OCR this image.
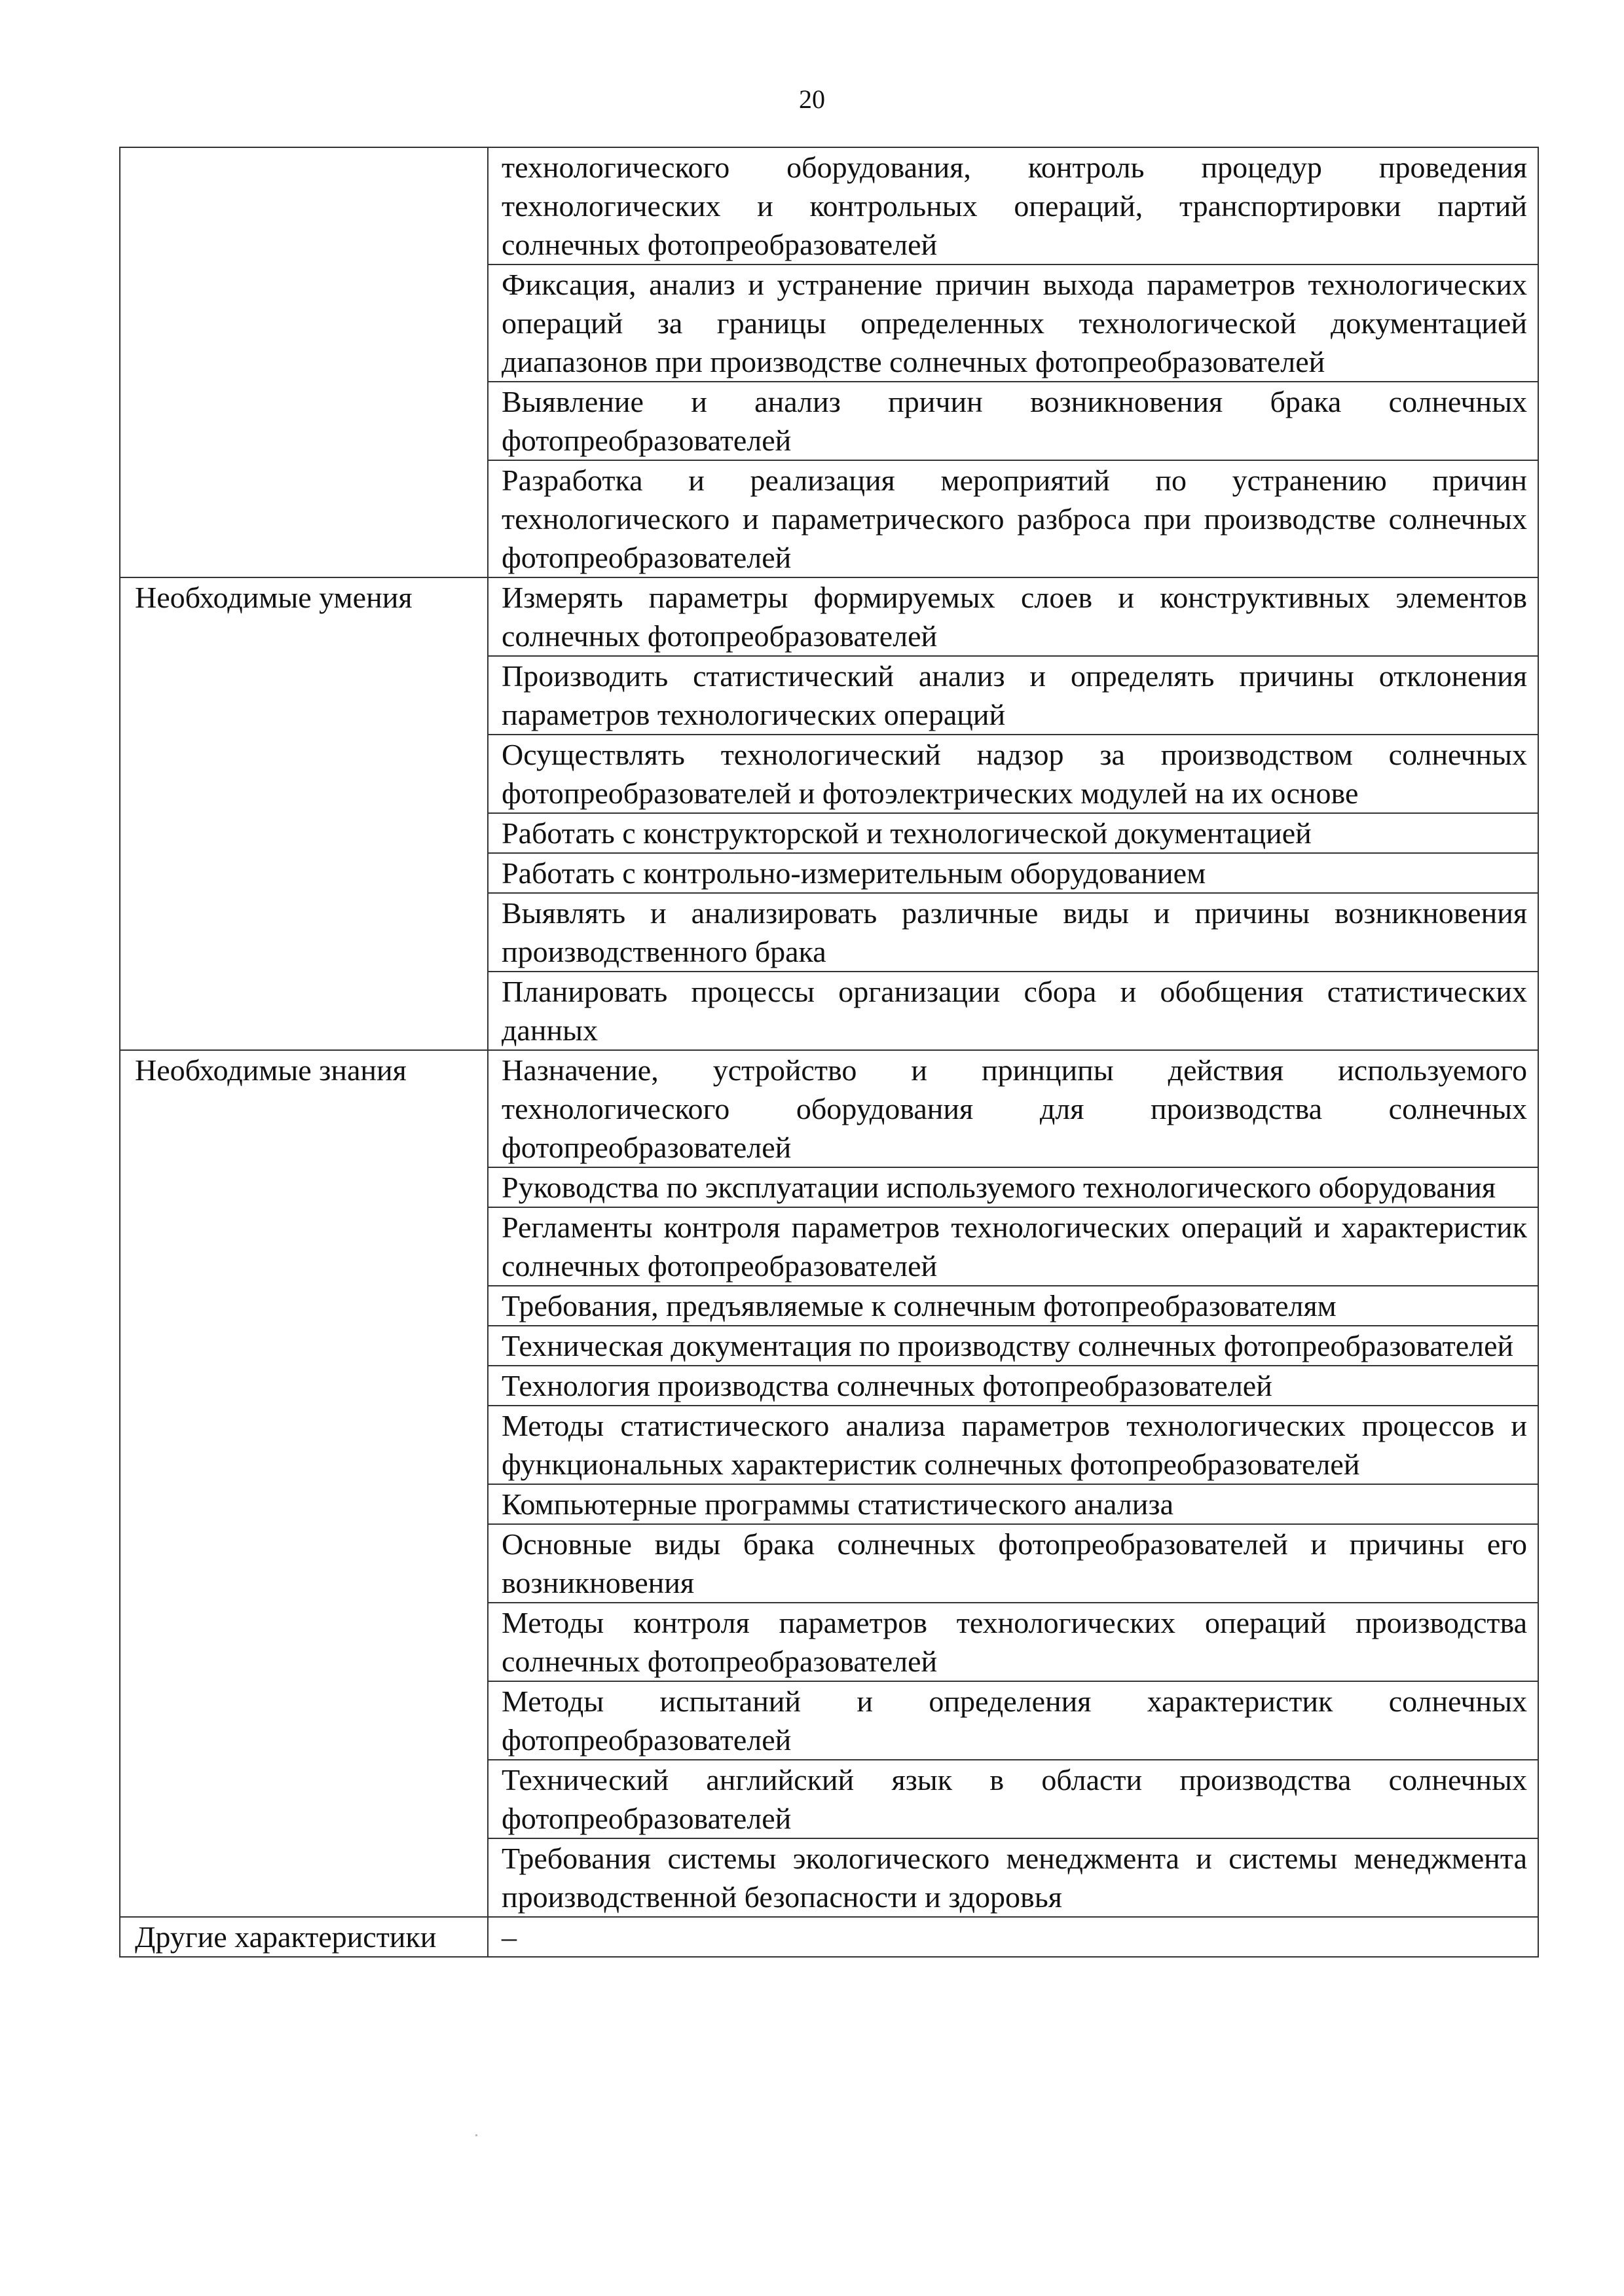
20
	технологического оборудования, контроль процедур проведения технологических и контрольных операций, транспортировки партий солнечных фотопреобразователей
	Фиксация, анализ и устранение причин выхода параметров технологических операций за границы определенных технологической документацией диапазонов при производстве солнечных фотопреобразователей
	Выявление и анализ причин возникновения брака солнечных фотопреобразователей
	Разработка и реализация мероприятий по устранению причин технологического и параметрического разброса при производстве солнечных фотопреобразователей
Необходимые умения	Измерять параметры формируемых слоев и конструктивных элементов солнечных фотопреобразователей
	Производить статистический анализ и определять причины отклонения параметров технологических операций
	Осуществлять технологический надзор за производством солнечных фотопреобразователей и фотоэлектрических модулей на их основе
	Работать с конструкторской и технологической документацией
	Работать с контрольно-измерительным оборудованием
	Выявлять и анализировать различные виды и причины возникновения производственного брака
	Планировать процессы организации сбора и обобщения статистических данных
Необходимые знания	Назначение, устройство и принципы действия используемого технологического оборудования для производства солнечных фотопреобразователей
	Руководства по эксплуатации используемого технологического оборудования
	Регламенты контроля параметров технологических операций и характеристик солнечных фотопреобразователей
	Требования, предъявляемые к солнечным фотопреобразователям
	Техническая документация по производству солнечных фотопреобразователей
	Технология производства солнечных фотопреобразователей
	Методы статистического анализа параметров технологических процессов и функциональных характеристик солнечных фотопреобразователей
	Компьютерные программы статистического анализа
	Основные виды брака солнечных фотопреобразователей и причины его возникновения
	Методы контроля параметров технологических операций производства солнечных фотопреобразователей
	Методы испытаний и определения характеристик солнечных фотопреобразователей
	Технический английский язык в области производства солнечных фотопреобразователей
	Требования системы экологического менеджмента и системы менеджмента производственной безопасности и здоровья
Другие характеристики	–
